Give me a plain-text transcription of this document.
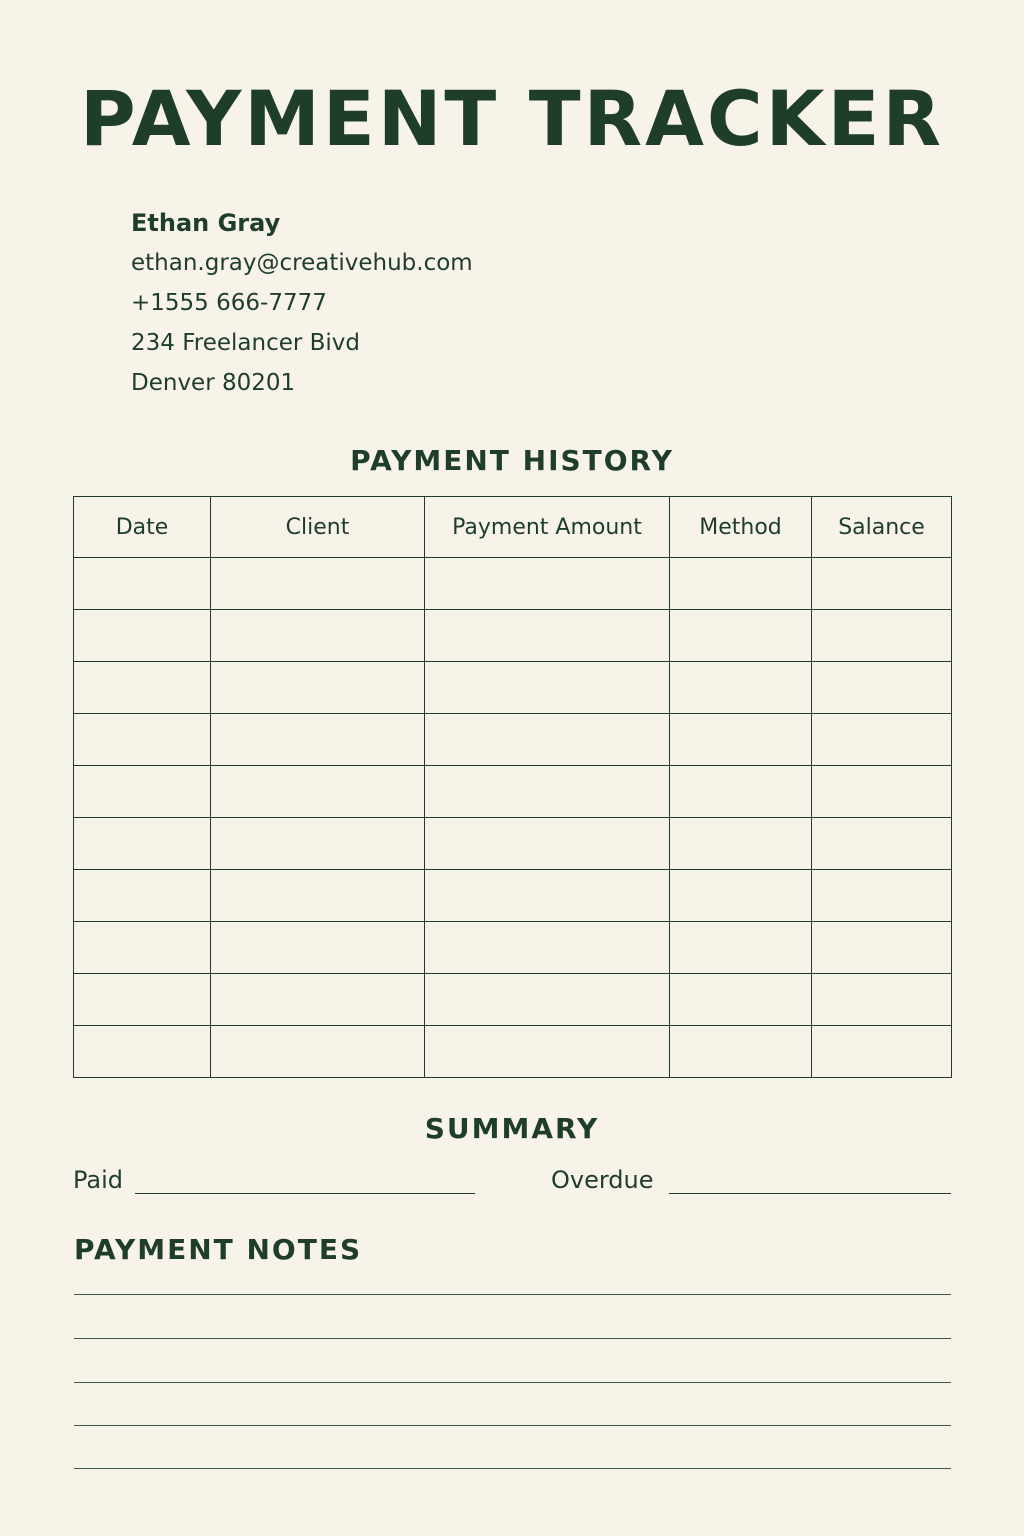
PAYMENT TRACKER
Ethan Gray
ethan.gray@creativehub.com
+1555 666-7777
234 Freelancer Bivd
Denver 80201
PAYMENT HISTORY
Date	Client	Payment Amount	Method	Salance

SUMMARY
Paid	Overdue
PAYMENT NOTES
